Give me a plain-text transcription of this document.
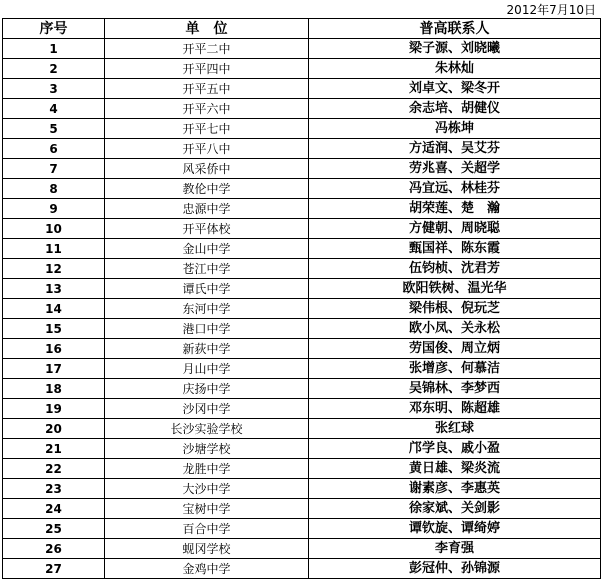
2012年7月10日
序号	单　位	普高联系人
1	开平二中	梁子源、刘晓曦
2	开平四中	朱林灿
3	开平五中	刘卓文、梁冬开
4	开平六中	余志培、胡健仪
5	开平七中	冯栋坤
6	开平八中	方适润、吴艾芬
7	风采侨中	劳兆喜、关超学
8	教伦中学	冯宜远、林桂芬
9	忠源中学	胡荣莲、楚　瀚
10	开平体校	方健朝、周晓聪
11	金山中学	甄国祥、陈东霞
12	苍江中学	伍钧桢、沈君芳
13	谭氏中学	欧阳铁树、温光华
14	东河中学	梁伟根、倪玩芝
15	港口中学	欧小凤、关永松
16	新荻中学	劳国俊、周立炳
17	月山中学	张增彦、何慕洁
18	庆扬中学	吴锦林、李梦西
19	沙冈中学	邓东明、陈超雄
20	长沙实验学校	张红球
21	沙塘学校	邝学良、戚小盈
22	龙胜中学	黄日雄、梁炎流
23	大沙中学	谢素彦、李惠英
24	宝树中学	徐家斌、关剑影
25	百合中学	谭钦旋、谭绮婷
26	蚬冈学校	李育强
27	金鸡中学	彭冠仲、孙锦源
